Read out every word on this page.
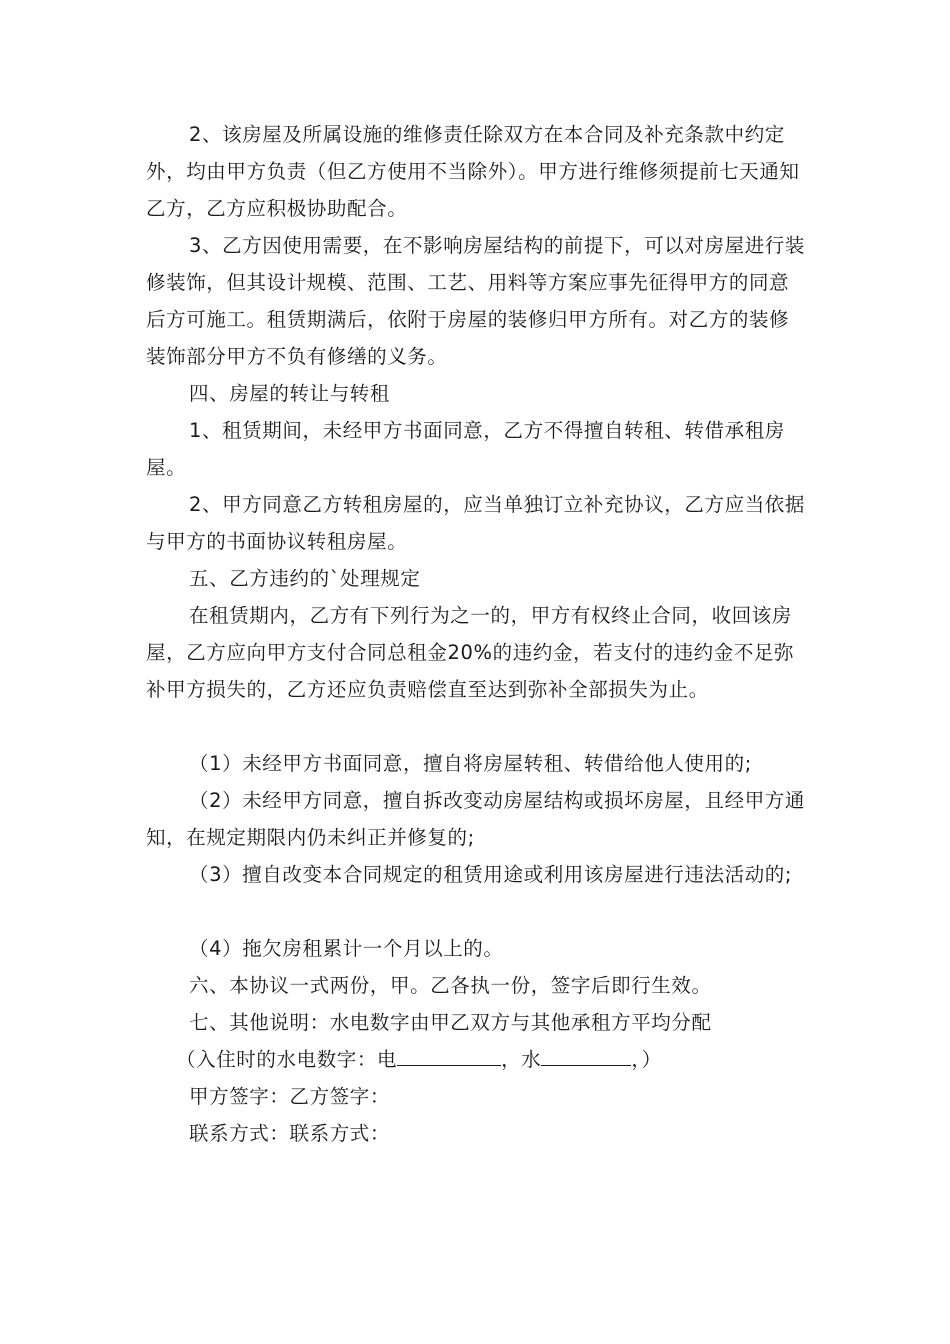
2、该房屋及所属设施的维修责任除双方在本合同及补充条款中约定外，均由甲方负责（但乙方使用不当除外）。甲方进行维修须提前七天通知乙方，乙方应积极协助配合。

3、乙方因使用需要，在不影响房屋结构的前提下，可以对房屋进行装修装饰，但其设计规模、范围、工艺、用料等方案应事先征得甲方的同意后方可施工。租赁期满后，依附于房屋的装修归甲方所有。对乙方的装修装饰部分甲方不负有修缮的义务。

四、房屋的转让与转租

1、租赁期间，未经甲方书面同意，乙方不得擅自转租、转借承租房屋。

2、甲方同意乙方转租房屋的，应当单独订立补充协议，乙方应当依据与甲方的书面协议转租房屋。

五、乙方违约的`处理规定

在租赁期内，乙方有下列行为之一的，甲方有权终止合同，收回该房屋，乙方应向甲方支付合同总租金20%的违约金，若支付的违约金不足弥补甲方损失的，乙方还应负责赔偿直至达到弥补全部损失为止。

（1）未经甲方书面同意，擅自将房屋转租、转借给他人使用的;

（2）未经甲方同意，擅自拆改变动房屋结构或损坏房屋，且经甲方通知，在规定期限内仍未纠正并修复的;

（3）擅自改变本合同规定的租赁用途或利用该房屋进行违法活动的;

（4）拖欠房租累计一个月以上的。

六、本协议一式两份，甲。乙各执一份，签字后即行生效。

七、其他说明：水电数字由甲乙双方与其他承租方平均分配

（入住时的水电数字：电	，水	，）
甲方签字：乙方签字：
联系方式：联系方式：
